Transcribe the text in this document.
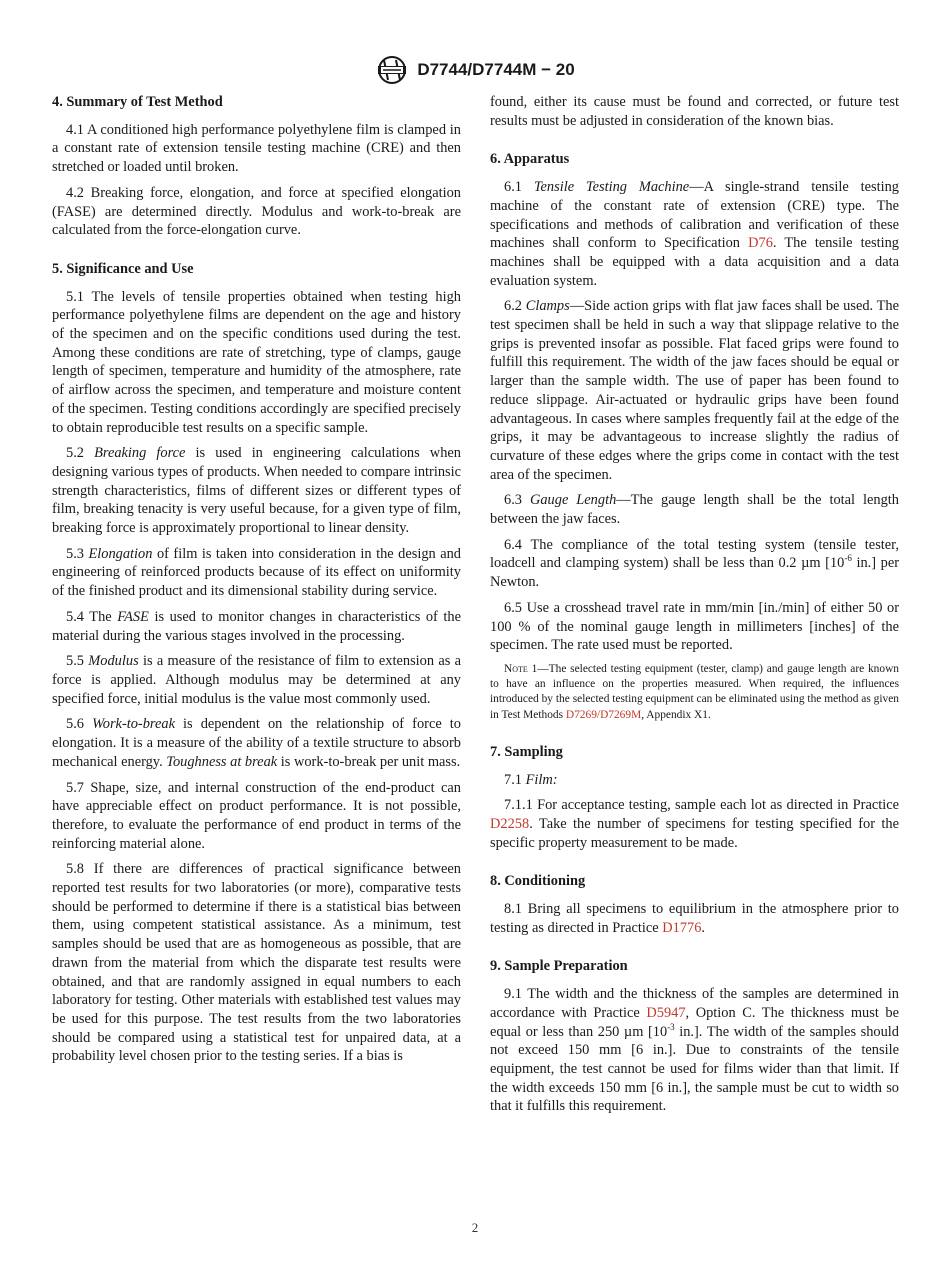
D7744/D7744M − 20
4. Summary of Test Method

4.1 A conditioned high performance polyethylene film is clamped in a constant rate of extension tensile testing machine (CRE) and then stretched or loaded until broken.

4.2 Breaking force, elongation, and force at specified elongation (FASE) are determined directly. Modulus and work-to-break are calculated from the force-elongation curve.

5. Significance and Use

5.1 The levels of tensile properties obtained when testing high performance polyethylene films are dependent on the age and history of the specimen and on the specific conditions used during the test. Among these conditions are rate of stretching, type of clamps, gauge length of specimen, temperature and humidity of the atmosphere, rate of airflow across the specimen, and temperature and moisture content of the specimen. Testing conditions accordingly are specified precisely to obtain reproducible test results on a specific sample.

5.2 Breaking force is used in engineering calculations when designing various types of products. When needed to compare intrinsic strength characteristics, films of different sizes or different types of film, breaking tenacity is very useful because, for a given type of film, breaking force is approximately proportional to linear density.

5.3 Elongation of film is taken into consideration in the design and engineering of reinforced products because of its effect on uniformity of the finished product and its dimensional stability during service.

5.4 The FASE is used to monitor changes in characteristics of the material during the various stages involved in the processing.

5.5 Modulus is a measure of the resistance of film to extension as a force is applied. Although modulus may be determined at any specified force, initial modulus is the value most commonly used.

5.6 Work-to-break is dependent on the relationship of force to elongation. It is a measure of the ability of a textile structure to absorb mechanical energy. Toughness at break is work-to-break per unit mass.

5.7 Shape, size, and internal construction of the end-product can have appreciable effect on product performance. It is not possible, therefore, to evaluate the performance of end product in terms of the reinforcing material alone.

5.8 If there are differences of practical significance between reported test results for two laboratories (or more), comparative tests should be performed to determine if there is a statistical bias between them, using competent statistical assistance. As a minimum, test samples should be used that are as homogeneous as possible, that are drawn from the material from which the disparate test results were obtained, and that are randomly assigned in equal numbers to each laboratory for testing. Other materials with established test values may be used for this purpose. The test results from the two laboratories should be compared using a statistical test for unpaired data, at a probability level chosen prior to the testing series. If a bias is

found, either its cause must be found and corrected, or future test results must be adjusted in consideration of the known bias.

6. Apparatus

6.1 Tensile Testing Machine—A single-strand tensile testing machine of the constant rate of extension (CRE) type. The specifications and methods of calibration and verification of these machines shall conform to Specification D76. The tensile testing machines shall be equipped with a data acquisition and a data evaluation system.

6.2 Clamps—Side action grips with flat jaw faces shall be used. The test specimen shall be held in such a way that slippage relative to the grips is prevented insofar as possible. Flat faced grips were found to fulfill this requirement. The width of the jaw faces should be equal or larger than the sample width. The use of paper has been found to reduce slippage. Air-actuated or hydraulic grips have been found advantageous. In cases where samples frequently fail at the edge of the grips, it may be advantageous to increase slightly the radius of curvature of these edges where the grips come in contact with the test area of the specimen.

6.3 Gauge Length—The gauge length shall be the total length between the jaw faces.

6.4 The compliance of the total testing system (tensile tester, loadcell and clamping system) shall be less than 0.2 µm [$10^{-6}$ in.] per Newton.

6.5 Use a crosshead travel rate in mm/min [in./min] of either 50 or 100 % of the nominal gauge length in millimeters [inches] of the specimen. The rate used must be reported.

Note 1—The selected testing equipment (tester, clamp) and gauge length are known to have an influence on the properties measured. When required, the influences introduced by the selected testing equipment can be eliminated using the method as given in Test Methods D7269/D7269M, Appendix X1.
7. Sampling

7.1 Film:

7.1.1 For acceptance testing, sample each lot as directed in Practice D2258. Take the number of specimens for testing specified for the specific property measurement to be made.

8. Conditioning

8.1 Bring all specimens to equilibrium in the atmosphere prior to testing as directed in Practice D1776.

9. Sample Preparation

9.1 The width and the thickness of the samples are determined in accordance with Practice D5947, Option C. The thickness must be equal or less than 250 µm [$10^{-3}$ in.]. The width of the samples should not exceed 150 mm [6 in.]. Due to constraints of the tensile equipment, the test cannot be used for films wider than that limit. If the width exceeds 150 mm [6 in.], the sample must be cut to width so that it fulfills this requirement.

2
